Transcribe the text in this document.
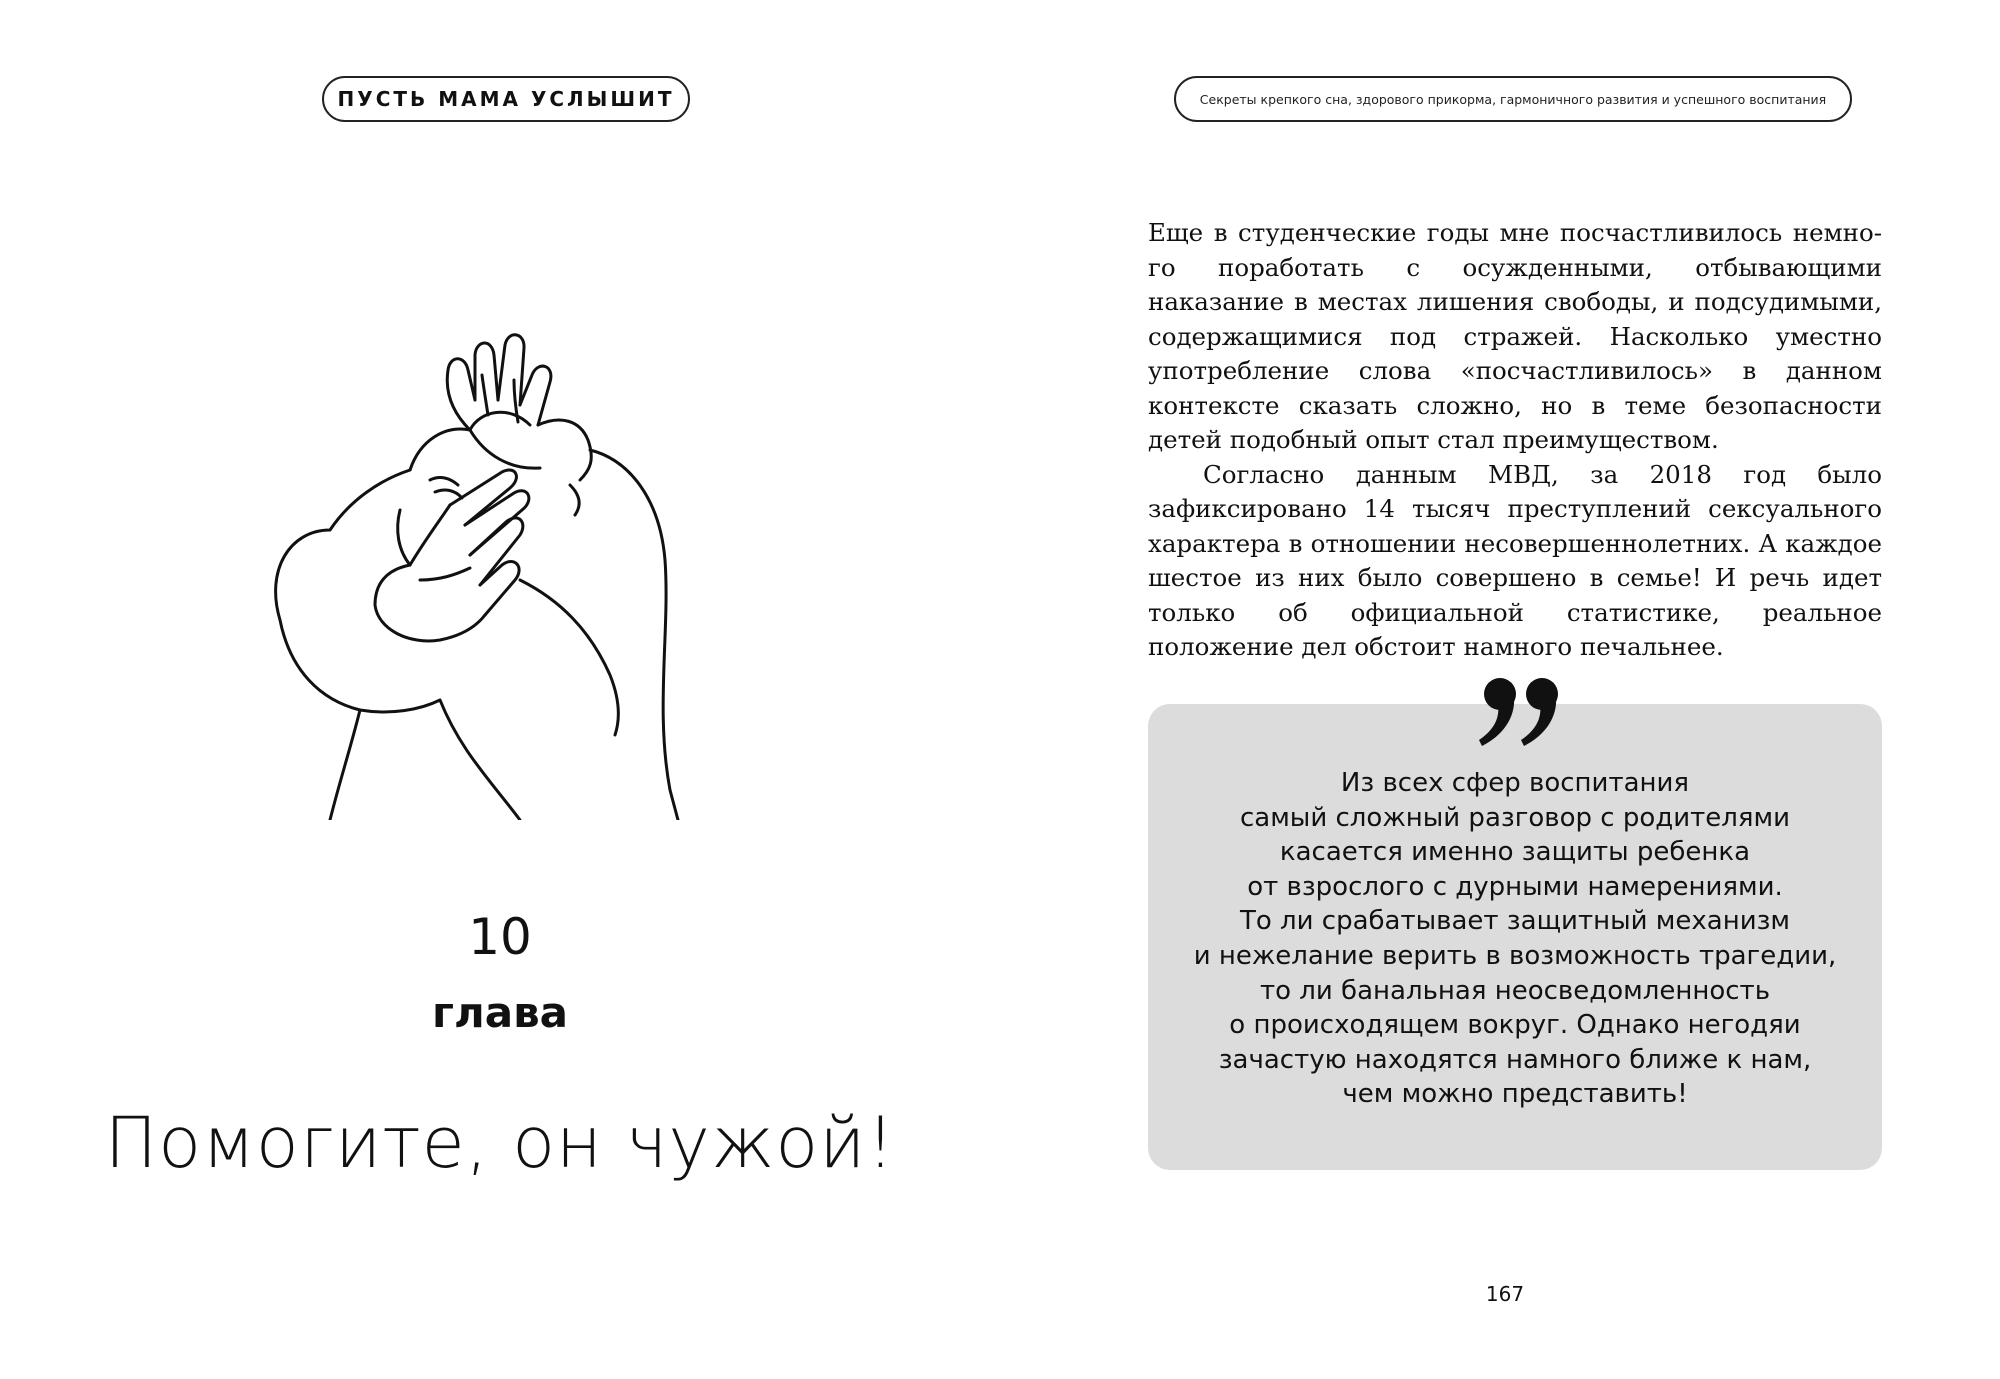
ПУСТЬ МАМА УСЛЫШИТ
10
глава
Помогите, он чужой!
Секреты крепкого сна, здорового прикорма, гармоничного развития и успешного воспитания

Еще в студенческие годы мне посчастливилось немного поработать с осужденными, отбывающими наказание в местах лишения свободы, и подсудимыми, содержащимися под стражей. Насколько уместно употребление слова «посчастливилось» в данном контексте сказать сложно, но в теме безопасности детей подобный опыт стал преимуществом.

Согласно данным МВД, за 2018 год было зафиксировано 14 тысяч преступлений сексуального характера в отношении несовершеннолетних. А каждое шестое из них было совершено в семье! И речь идет только об официальной статистике, реальное положение дел обстоит намного печальнее.

Из всех сфер воспитания
самый сложный разговор с родителями
касается именно защиты ребенка
от взрослого с дурными намерениями.
То ли срабатывает защитный механизм
и нежелание верить в возможность трагедии,
то ли банальная неосведомленность
о происходящем вокруг. Однако негодяи
зачастую находятся намного ближе к нам,
чем можно представить!
167
